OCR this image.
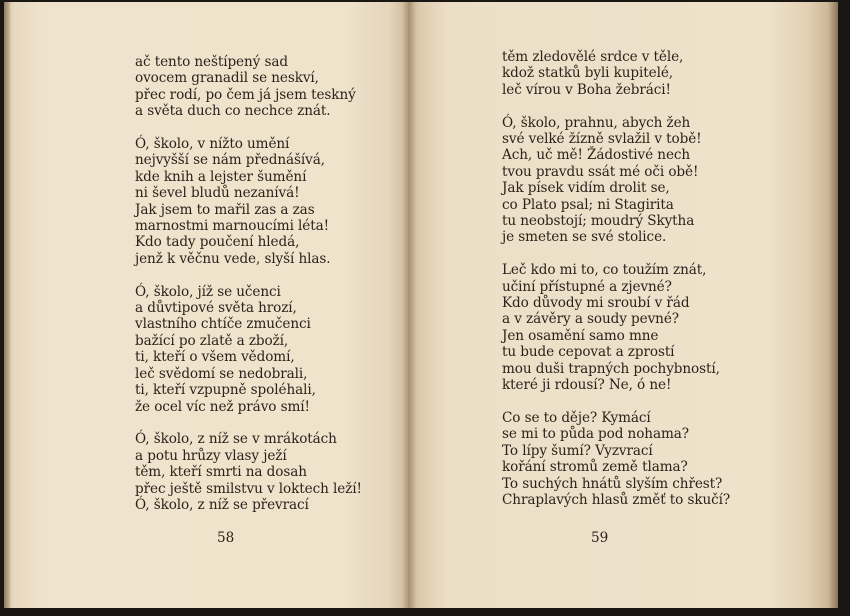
ač tento neštípený sad
ovocem granadil se neskví,
přec rodí, po čem já jsem teskný
a světa duch co nechce znát.
Ó, školo, v nížto umění
nejvyšší se nám přednášívá,
kde knih a lejster šumění
ni ševel bludů nezanívá!
Jak jsem to mařil zas a zas
marnostmi marnoucími léta!
Kdo tady poučení hledá,
jenž k věčnu vede, slyší hlas.
Ó, školo, jíž se učenci
a důvtipové světa hrozí,
vlastního chtíče zmučenci
bažící po zlatě a zboží,
ti, kteří o všem vědomí,
leč svědomí se nedobrali,
ti, kteří vzpupně spoléhali,
že ocel víc než právo smí!
Ó, školo, z níž se v mrákotách
a potu hrůzy vlasy ježí
těm, kteří smrti na dosah
přec ještě smilstvu v loktech leží!
Ó, školo, z níž se převrací
58
těm zledovělé srdce v těle,
kdož statků byli kupitelé,
leč vírou v Boha žebráci!
Ó, školo, prahnu, abych žeh
své velké žízně svlažil v tobě!
Ach, uč mě! Žádostivé nech
tvou pravdu ssát mé oči obě!
Jak písek vidím drolit se,
co Plato psal; ni Stagirita
tu neobstojí; moudrý Skytha
je smeten se své stolice.
Leč kdo mi to, co toužím znát,
učiní přístupné a zjevné?
Kdo důvody mi sroubí v řád
a v závěry a soudy pevné?
Jen osamění samo mne
tu bude cepovat a zprostí
mou duši trapných pochybností,
které ji rdousí? Ne, ó ne!
Co se to děje? Kymácí
se mi to půda pod nohama?
To lípy šumí? Vyzvrací
kořání stromů země tlama?
To suchých hnátů slyším chřest?
Chraplavých hlasů změť to skučí?
59
